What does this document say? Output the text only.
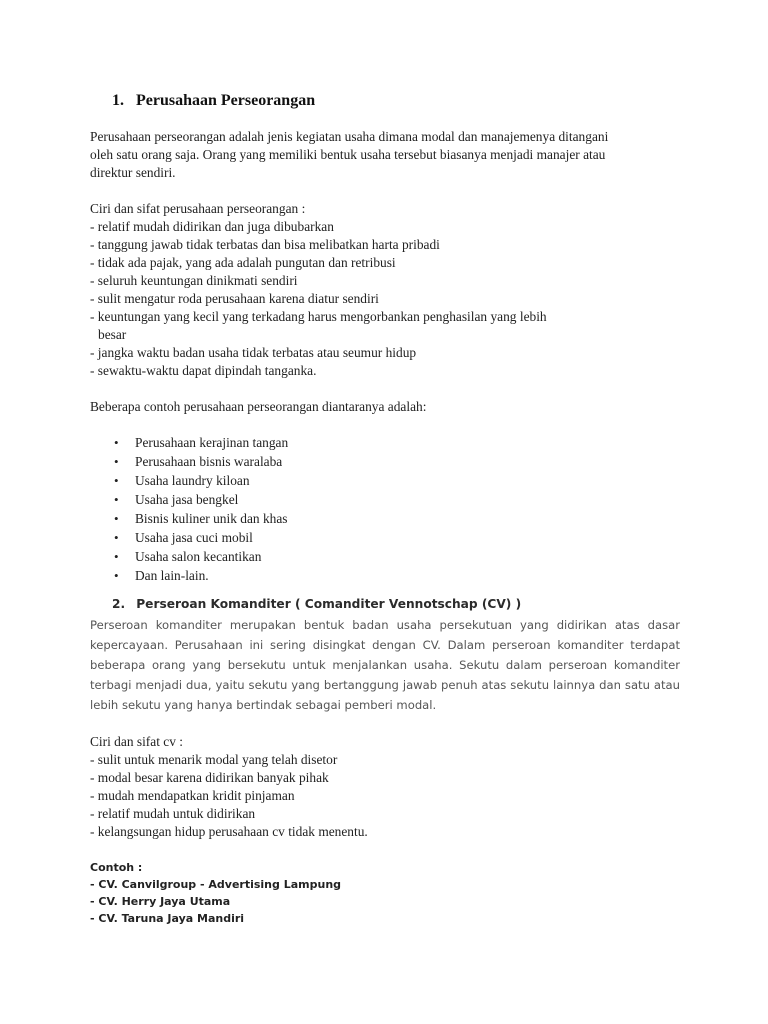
1. Perusahaan Perseorangan

Perusahaan perseorangan adalah jenis kegiatan usaha dimana modal dan manajemenya ditangani

oleh satu orang saja. Orang yang memiliki bentuk usaha tersebut biasanya menjadi manajer atau

direktur sendiri.

Ciri dan sifat perusahaan perseorangan :

- relatif mudah didirikan dan juga dibubarkan

- tanggung jawab tidak terbatas dan bisa melibatkan harta pribadi

- tidak ada pajak, yang ada adalah pungutan dan retribusi

- seluruh keuntungan dinikmati sendiri

- sulit mengatur roda perusahaan karena diatur sendiri

- keuntungan yang kecil yang terkadang harus mengorbankan penghasilan yang lebih

besar

- jangka waktu badan usaha tidak terbatas atau seumur hidup

- sewaktu-waktu dapat dipindah tanganka.

Beberapa contoh perusahaan perseorangan diantaranya adalah:

• Perusahaan kerajinan tangan
• Perusahaan bisnis waralaba
• Usaha laundry kiloan
• Usaha jasa bengkel
• Bisnis kuliner unik dan khas
• Usaha jasa cuci mobil
• Usaha salon kecantikan
• Dan lain-lain.
2. Perseroan Komanditer ( Comanditer Vennotschap (CV) )

Perseroan komanditer merupakan bentuk badan usaha persekutuan yang didirikan atas dasar kepercayaan. Perusahaan ini sering disingkat dengan CV. Dalam perseroan komanditer terdapat beberapa orang yang bersekutu untuk menjalankan usaha. Sekutu dalam perseroan komanditer terbagi menjadi dua, yaitu sekutu yang bertanggung jawab penuh atas sekutu lainnya dan satu atau lebih sekutu yang hanya bertindak sebagai pemberi modal.

Ciri dan sifat cv :

- sulit untuk menarik modal yang telah disetor

- modal besar karena didirikan banyak pihak

- mudah mendapatkan kridit pinjaman

- relatif mudah untuk didirikan

- kelangsungan hidup perusahaan cv tidak menentu.

Contoh :

- CV. Canvilgroup - Advertising Lampung

- CV. Herry Jaya Utama

- CV. Taruna Jaya Mandiri
